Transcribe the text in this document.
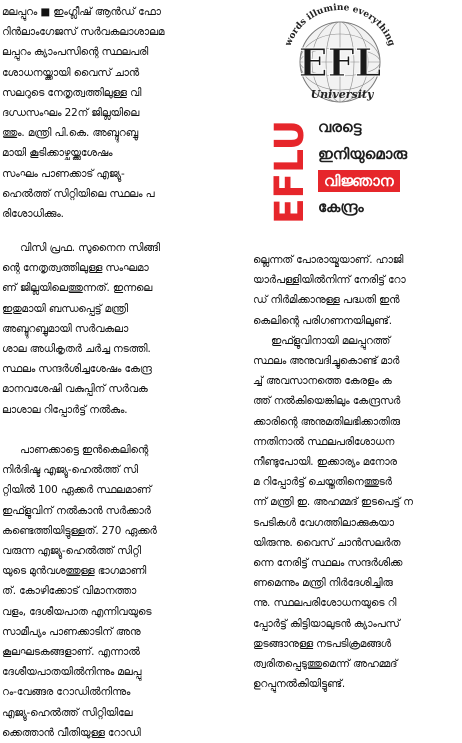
മലപ്പുറം ■ ഇംഗ്ലീഷ് ആൻഡ് ഫോ
റിൻലാംഗേജസ് സർവകലാശാലമ
ലപ്പുറം ക്യാംപസിന്റെ സ്ഥലപരി
ശോധനയ്ക്കായി വൈസ് ചാൻ
സലറുടെ നേതൃത്വത്തിലുള്ള വി
ദഗ്ധസംഘം 22ന് ജില്ലയിലെ
ത്തും. മന്ത്രി പി.കെ. അബ്ദുറബ്ബു
മായി കൂടിക്കാഴ്ചയ്ക്കുശേഷം
സംഘം പാണക്കാട് എജ്യു-
ഹെൽത്ത് സിറ്റിയിലെ സ്ഥലം പ
രിശോധിക്കും.
words illumine everything
EFL
University
EFLU വരട്ടെ
ഇനിയുമൊരു
വിജ്ഞാന
കേന്ദ്രം
വിസി പ്രഫ. സുനൈന സിങ്ങി
ന്റെ നേതൃത്വത്തിലുള്ള സംഘമാ
ണ് ജില്ലയിലെത്തുന്നത്. ഇന്നലെ
ഇതുമായി ബന്ധപ്പെട്ട് മന്ത്രി
അബ്ദുറബ്ബുമായി സർവകലാ
ശാല അധികൃതർ ചർച്ച നടത്തി.
സ്ഥലം സന്ദർശിച്ചശേഷം കേന്ദ്ര
മാനവശേഷി വകുപ്പിന് സർവക
ലാശാല റിപ്പോർട്ട് നൽകും.
പാണക്കാട്ടെ ഇൻകെലിന്റെ
നിർദിഷ്ട എജ്യു-ഹെൽത്ത് സി
റ്റിയിൽ 100 ഏക്കർ സ്ഥലമാണ്
ഇഫ്ളുവിന് നൽകാൻ സർക്കാർ
കണ്ടെത്തിയിട്ടുള്ളത്. 270 ഏക്കർ
വരുന്ന എജ്യു-ഹെൽത്ത് സിറ്റി
യുടെ മുൻവശത്തുള്ള ഭാഗമാണി
ത്. കോഴിക്കോട് വിമാനത്താ
വളം, ദേശീയപാത എന്നിവയുടെ
സാമീപ്യം പാണക്കാടിന് അനു
കൂലഘടകങ്ങളാണ്. എന്നാൽ
ദേശീയപാതയിൽനിന്നും മലപ്പു
റം-വേങ്ങര റോഡിൽനിന്നും
എജ്യു-ഹെൽത്ത് സിറ്റിയിലേ
ക്കെത്താൻ വീതിയുള്ള റോഡി
ല്ലെന്നത് പോരായ്മയാണ്. ഹാജി
യാർപള്ളിയിൽനിന്ന് നേരിട്ട് റോ
ഡ് നിർമിക്കാനുള്ള പദ്ധതി ഇൻ
കെലിന്റെ പരിഗണനയിലുണ്ട്.
ഇഫ്ളുവിനായി മലപ്പുറത്ത്
സ്ഥലം അനുവദിച്ചുകൊണ്ട് മാർ
ച്ച് അവസാനത്തെ കേരളം ക
ത്ത് നൽകിയെങ്കിലും കേന്ദ്രസർ
ക്കാരിന്റെ അനുമതിലഭിക്കാതിരു
ന്നതിനാൽ സ്ഥലപരിശോധന
നീണ്ടുപോയി. ഇക്കാര്യം മനോര
മ റിപ്പോർട്ട് ചെയ്തതിനെത്തുടർ
ന്ന് മന്ത്രി ഇ. അഹമ്മദ് ഇടപെട്ട് ന
ടപടികൾ വേഗത്തിലാക്കുകയാ
യിരുന്നു. വൈസ് ചാൻസലർത
ന്നെ നേരിട്ട് സ്ഥലം സന്ദർശിക്ക
ണമെന്നും മന്ത്രി നിർദേശിച്ചിരു
ന്നു. സ്ഥലപരിശോധനയുടെ റി
പ്പോർട്ട് കിട്ടിയാലുടൻ ക്യാംപസ്
തുടങ്ങാനുള്ള നടപടിക്രമങ്ങൾ
ത്വരിതപ്പെടുത്തുമെന്ന് അഹമ്മദ്
ഉറപ്പുനൽകിയിട്ടുണ്ട്.
